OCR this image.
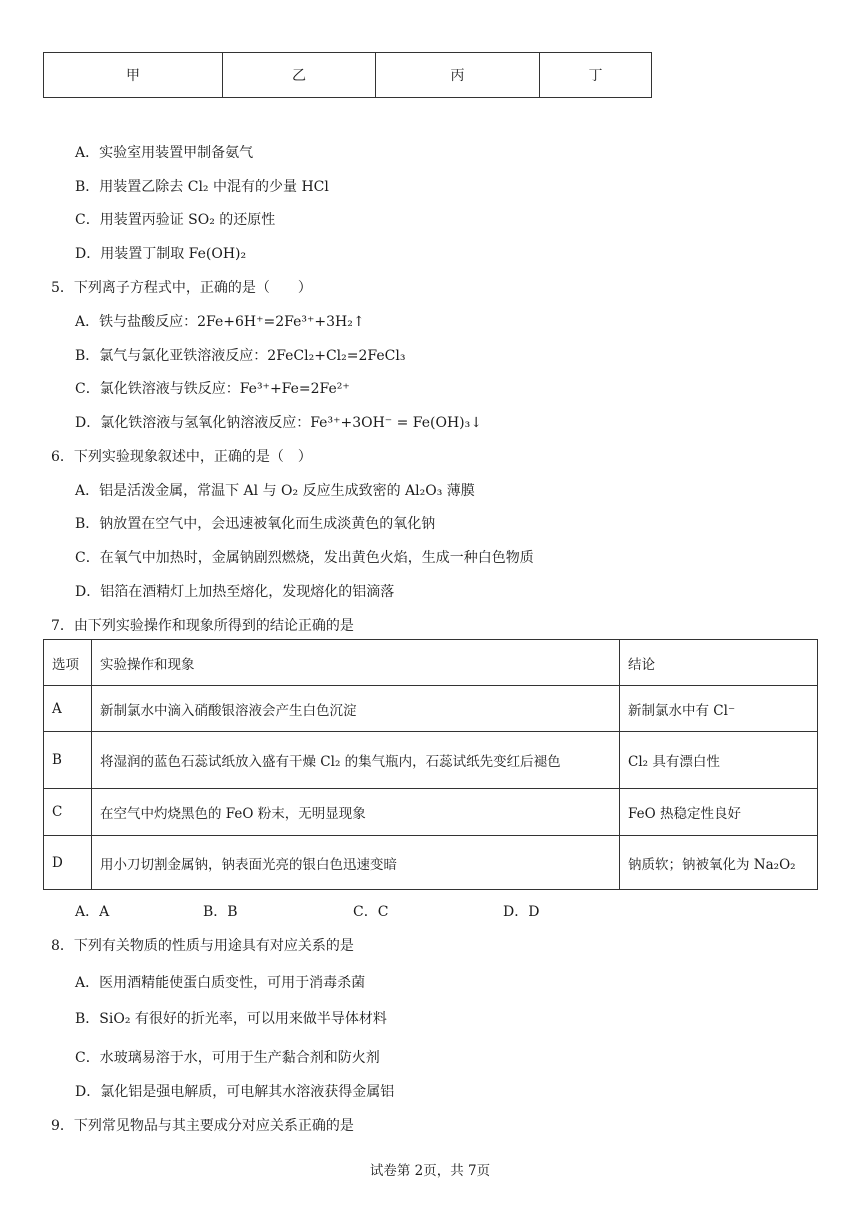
甲	乙	丙	丁
A．实验室用装置甲制备氨气
B．用装置乙除去 Cl₂ 中混有的少量 HCl
C．用装置丙验证 SO₂ 的还原性
D．用装置丁制取 Fe(OH)₂
5．下列离子方程式中，正确的是（　　）
A．铁与盐酸反应：2Fe+6H⁺=2Fe³⁺+3H₂↑
B．氯气与氯化亚铁溶液反应：2FeCl₂+Cl₂=2FeCl₃
C．氯化铁溶液与铁反应：Fe³⁺+Fe=2Fe²⁺
D．氯化铁溶液与氢氧化钠溶液反应：Fe³⁺+3OH⁻ = Fe(OH)₃↓
6．下列实验现象叙述中，正确的是（　）
A．铝是活泼金属，常温下 Al 与 O₂ 反应生成致密的 Al₂O₃ 薄膜
B．钠放置在空气中，会迅速被氧化而生成淡黄色的氧化钠
C．在氧气中加热时，金属钠剧烈燃烧，发出黄色火焰，生成一种白色物质
D．铝箔在酒精灯上加热至熔化，发现熔化的铝滴落
7．由下列实验操作和现象所得到的结论正确的是
选项	实验操作和现象	结论
A	新制氯水中滴入硝酸银溶液会产生白色沉淀	新制氯水中有 Cl⁻
B	将湿润的蓝色石蕊试纸放入盛有干燥 Cl₂ 的集气瓶内，石蕊试纸先变红后褪色	Cl₂ 具有漂白性
C	在空气中灼烧黑色的 FeO 粉末，无明显现象	FeO 热稳定性良好
D	用小刀切割金属钠，钠表面光亮的银白色迅速变暗	钠质软；钠被氧化为 Na₂O₂
A．A	B．B	C．C	D．D
8．下列有关物质的性质与用途具有对应关系的是
A．医用酒精能使蛋白质变性，可用于消毒杀菌
B．SiO₂ 有很好的折光率，可以用来做半导体材料
C．水玻璃易溶于水，可用于生产黏合剂和防火剂
D．氯化铝是强电解质，可电解其水溶液获得金属铝
9．下列常见物品与其主要成分对应关系正确的是
试卷第 2页，共 7页
